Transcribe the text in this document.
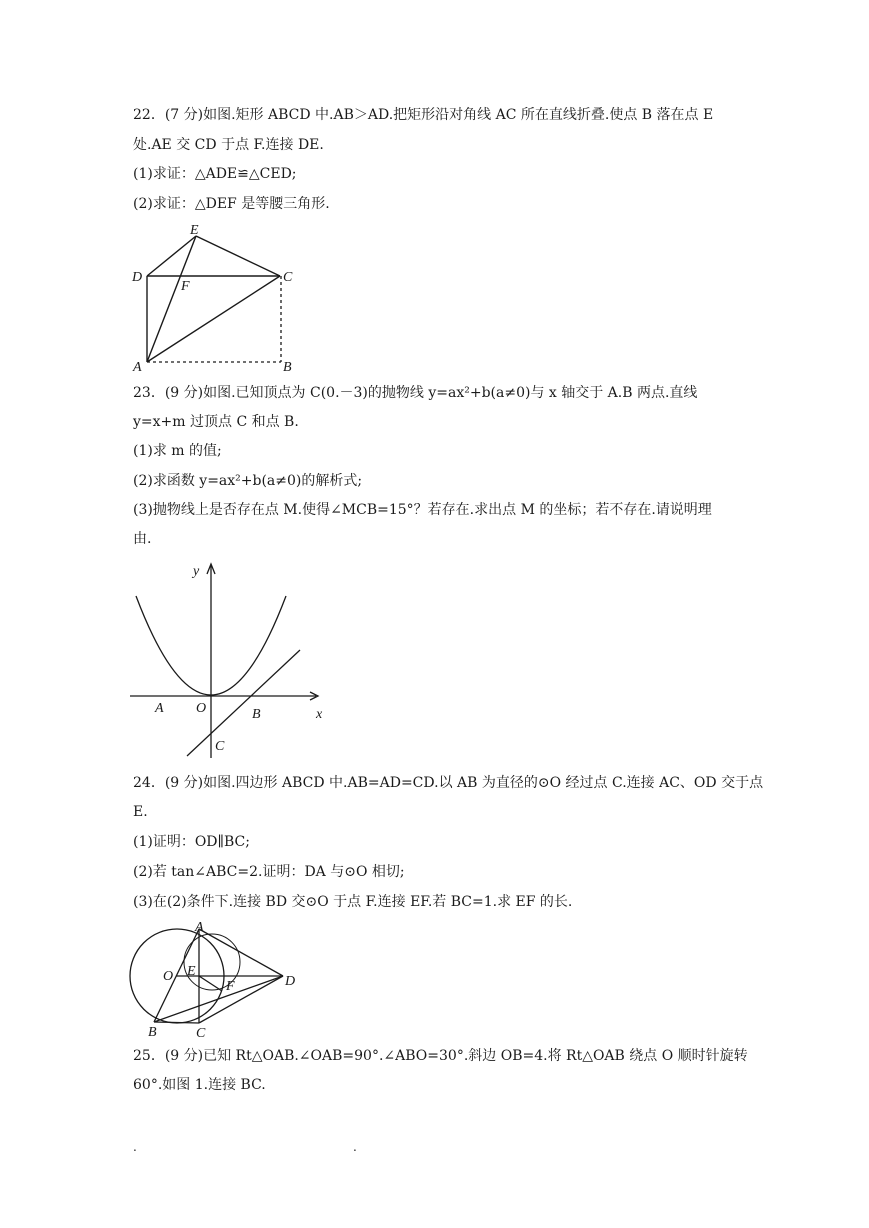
22．(7 分)如图.矩形 ABCD 中.AB＞AD.把矩形沿对角线 AC 所在直线折叠.使点 B 落在点 E
处.AE 交 CD 于点 F.连接 DE.
(1)求证：△ADE≌△CED;
(2)求证：△DEF 是等腰三角形.
E
D	C
F
A	B
23．(9 分)如图.已知顶点为 C(0.－3)的抛物线 y=ax²+b(a≠0)与 x 轴交于 A.B 两点.直线
y=x+m 过顶点 C 和点 B.
(1)求 m 的值;
(2)求函数 y=ax²+b(a≠0)的解析式;
(3)抛物线上是否存在点 M.使得∠MCB=15°？若存在.求出点 M 的坐标；若不存在.请说明理
由.
y
x
A O	B
C
24．(9 分)如图.四边形 ABCD 中.AB=AD=CD.以 AB 为直径的⊙O 经过点 C.连接 AC、OD 交于点
E.
(1)证明：OD∥BC;
(2)若 tan∠ABC=2.证明：DA 与⊙O 相切;
(3)在(2)条件下.连接 BD 交⊙O 于点 F.连接 EF.若 BC=1.求 EF 的长.
A
O E
F	D
B	C
25．(9 分)已知 Rt△OAB.∠OAB=90°.∠ABO=30°.斜边 OB=4.将 Rt△OAB 绕点 O 顺时针旋转
60°.如图 1.连接 BC.
.	.
